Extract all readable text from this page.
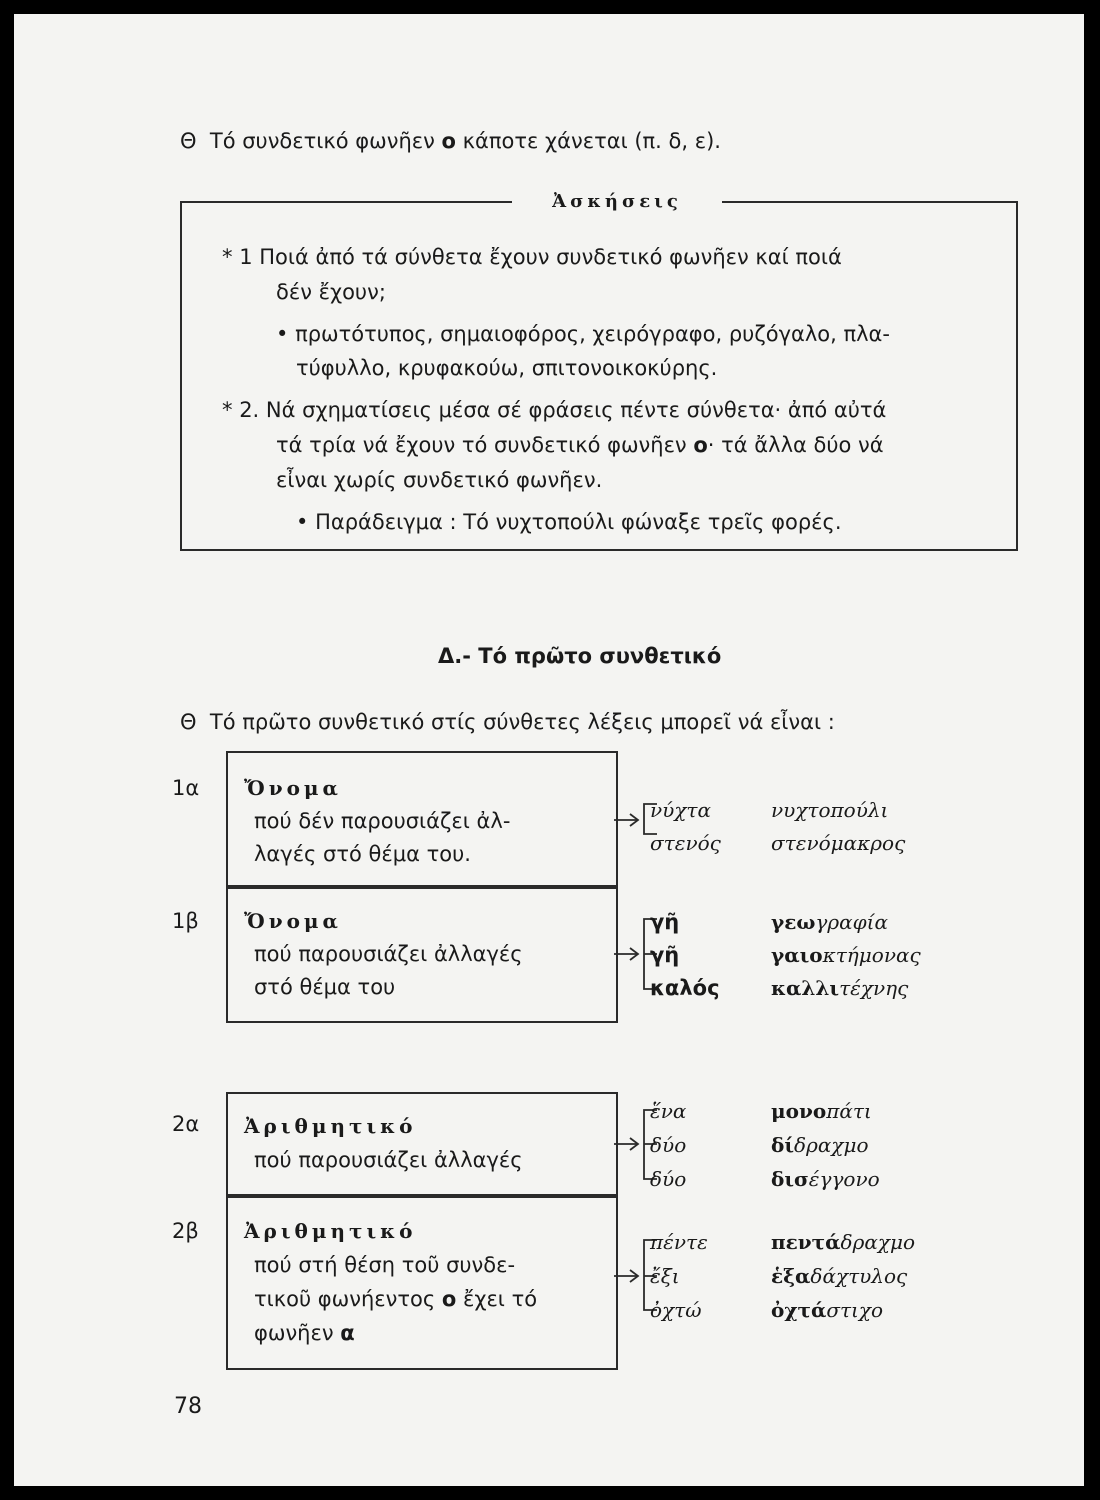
Θ Τό συνδετικό φωνῆεν ο κάποτε χάνεται (π. δ, ε).
Ἀσκήσεις
* 1 Ποιά ἀπό τά σύνθετα ἔχουν συνδετικό φωνῆεν καί ποιά
δέν ἔχουν;
• πρωτότυπος, σημαιοφόρος, χειρόγραφο, ρυζόγαλο, πλα-
τύφυλλο, κρυφακούω, σπιτονοικοκύρης.
* 2. Νά σχηματίσεις μέσα σέ φράσεις πέντε σύνθετα· ἀπό αὐτά
τά τρία νά ἔχουν τό συνδετικό φωνῆεν ο· τά ἄλλα δύο νά
εἶναι χωρίς συνδετικό φωνῆεν.
• Παράδειγμα : Τό νυχτοπούλι φώναξε τρεῖς φορές.
Δ.- Τό πρῶτο συνθετικό
Θ Τό πρῶτο συνθετικό στίς σύνθετες λέξεις μπορεῖ νά εἶναι :
1α Ὄνομα
πού δέν παρουσιάζει ἀλ-
λαγές στό θέμα του.
1β Ὄνομα
πού παρουσιάζει ἀλλαγές
στό θέμα του
2α Ἀριθμητικό
πού παρουσιάζει ἀλλαγές
2β Ἀριθμητικό
πού στή θέση τοῦ συνδε-
τικοῦ φωνήεντος ο ἔχει τό
φωνῆεν α
νύχτα	νυχτοπούλι
στενός	στενόμακρος
γῆ	γεωγραφία
γῆ	γαιοκτήμονας
καλός	καλλιτέχνης
ἕνα	μονοπάτι
δύο	δίδραχμο
δύο	δισέγγονο
πέντε	πεντάδραχμο
ἔξι	ἑξαδάχτυλος
ὀχτώ	ὀχτάστιχο
78
